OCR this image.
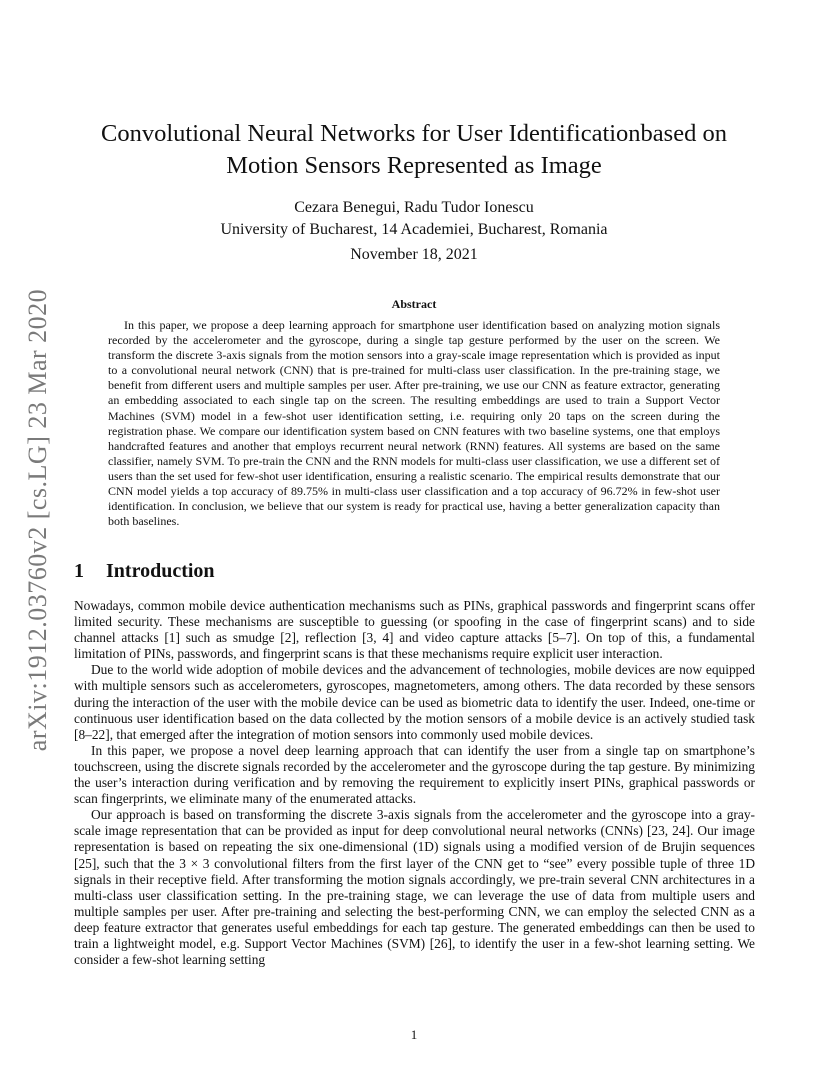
arXiv:1912.03760v2 [cs.LG] 23 Mar 2020
Convolutional Neural Networks for User Identificationbased on Motion Sensors Represented as Image
Cezara Benegui, Radu Tudor Ionescu
University of Bucharest, 14 Academiei, Bucharest, Romania
November 18, 2021
Abstract

In this paper, we propose a deep learning approach for smartphone user identification based on analyzing motion signals recorded by the accelerometer and the gyroscope, during a single tap gesture performed by the user on the screen. We transform the discrete 3-axis signals from the motion sensors into a gray-scale image representation which is provided as input to a convolutional neural network (CNN) that is pre-trained for multi-class user classification. In the pre-training stage, we benefit from different users and multiple samples per user. After pre-training, we use our CNN as feature extractor, generating an embedding associated to each single tap on the screen. The resulting embeddings are used to train a Support Vector Machines (SVM) model in a few-shot user identification setting, i.e. requiring only 20 taps on the screen during the registration phase. We compare our identification system based on CNN features with two baseline systems, one that employs handcrafted features and another that employs recurrent neural network (RNN) features. All systems are based on the same classifier, namely SVM. To pre-train the CNN and the RNN models for multi-class user classification, we use a different set of users than the set used for few-shot user identification, ensuring a realistic scenario. The empirical results demonstrate that our CNN model yields a top accuracy of 89.75% in multi-class user classification and a top accuracy of 96.72% in few-shot user identification. In conclusion, we believe that our system is ready for practical use, having a better generalization capacity than both baselines.

1 Introduction

Nowadays, common mobile device authentication mechanisms such as PINs, graphical passwords and fingerprint scans offer limited security. These mechanisms are susceptible to guessing (or spoofing in the case of fingerprint scans) and to side channel attacks [1] such as smudge [2], reflection [3, 4] and video capture attacks [5–7]. On top of this, a fundamental limitation of PINs, passwords, and fingerprint scans is that these mechanisms require explicit user interaction.

Due to the world wide adoption of mobile devices and the advancement of technologies, mobile devices are now equipped with multiple sensors such as accelerometers, gyroscopes, magnetometers, among others. The data recorded by these sensors during the interaction of the user with the mobile device can be used as biometric data to identify the user. Indeed, one-time or continuous user identification based on the data collected by the motion sensors of a mobile device is an actively studied task [8–22], that emerged after the integration of motion sensors into commonly used mobile devices.

In this paper, we propose a novel deep learning approach that can identify the user from a single tap on smartphone’s touchscreen, using the discrete signals recorded by the accelerometer and the gyroscope during the tap gesture. By minimizing the user’s interaction during verification and by removing the requirement to explicitly insert PINs, graphical passwords or scan fingerprints, we eliminate many of the enumerated attacks.

Our approach is based on transforming the discrete 3-axis signals from the accelerometer and the gyroscope into a gray-scale image representation that can be provided as input for deep convolutional neural networks (CNNs) [23, 24]. Our image representation is based on repeating the six one-dimensional (1D) signals using a modified version of de Brujin sequences [25], such that the 3 × 3 convolutional filters from the first layer of the CNN get to “see” every possible tuple of three 1D signals in their receptive field. After transforming the motion signals accordingly, we pre-train several CNN architectures in a multi-class user classification setting. In the pre-training stage, we can leverage the use of data from multiple users and multiple samples per user. After pre-training and selecting the best-performing CNN, we can employ the selected CNN as a deep feature extractor that generates useful embeddings for each tap gesture. The generated embeddings can then be used to train a lightweight model, e.g. Support Vector Machines (SVM) [26], to identify the user in a few-shot learning setting. We consider a few-shot learning setting

1
